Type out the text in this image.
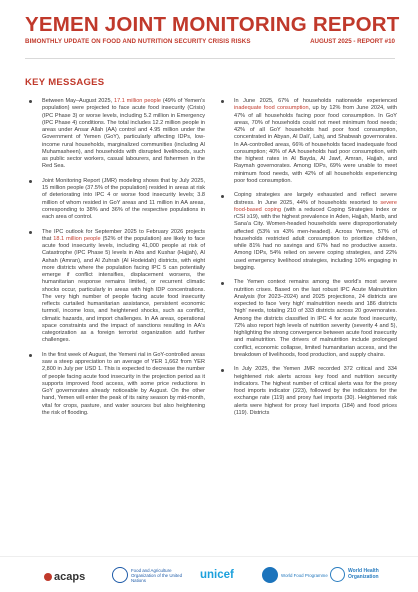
YEMEN JOINT MONITORING REPORT
BIMONTHLY UPDATE ON FOOD AND NUTRITION SECURITY CRISIS RISKS	AUGUST 2025 - REPORT #10
KEY MESSAGES
Between May–August 2025, 17.1 million people (49% of Yemen's population) were projected to face acute food insecurity (Crisis) (IPC Phase 3) or worse levels, including 5.2 million in Emergency (IPC Phase 4) conditions. The total includes 12.2 million people in areas under Ansar Allah (AA) control and 4.95 million under the Government of Yemen (GoY), particularly affecting IDPs, low-income rural households, marginalized communities (including Al Muhamasheen), and households with disrupted livelihoods, such as public sector workers, casual labourers, and fishermen in the Red Sea.
Joint Monitoring Report (JMR) modeling shows that by July 2025, 15 million people (37.5% of the population) resided in areas at risk of deteriorating into IPC 4 or worse food insecurity levels; 3.8 million of whom resided in GoY areas and 11 million in AA areas, corresponding to 38% and 36% of the respective populations in each area of control.
The IPC outlook for September 2025 to February 2026 projects that 18.1 million people (52% of the population) are likely to face acute food insecurity levels, including 41,000 people at risk of Catastrophe (IPC Phase 5) levels in Abs and Kushar (Hajjah), Al Ashah (Amran), and Al Zuhrah (Al Hodeidah) districts, with eight more districts where the population facing IPC 5 can potentially emerge if conflict intensifies, displacement worsens, the humanitarian response remains limited, or recurrent climatic shocks occur, particularly in areas with high IDP concentrations. The very high number of people facing acute food insecurity reflects curtailed humanitarian assistance, persistent economic turmoil, income loss, and heightened shocks, such as conflict, climatic hazards, and import challenges. In AA areas, operational space constraints and the impact of sanctions resulting in AA's categorization as a foreign terrorist organization add further challenges.
In the first week of August, the Yemeni rial in GoY-controlled areas saw a steep appreciation to an average of YER 1,662 from YER 2,800 in July per USD 1. This is expected to decrease the number of people facing acute food insecurity in the projection period as it supports improved food access, with some price reductions in GoY governorates already noticeable by August. On the other hand, Yemen will enter the peak of its rainy season by mid-month, vital for crops, pasture, and water sources but also heightening the risk of flooding.
In June 2025, 67% of households nationwide experienced inadequate food consumption, up by 12% from June 2024, with 47% of all households facing poor food consumption. In GoY areas, 70% of households could not meet minimum food needs; 42% of all GoY households had poor food consumption, concentrated in Abyan, Al Dali', Lahj, and Shabwah governorates. In AA-controlled areas, 66% of households faced inadequate food consumption; 40% of AA households had poor consumption, with the highest rates in Al Bayda, Al Jawf, Amran, Hajjah, and Raymah governorates. Among IDPs, 69% were unable to meet minimum food needs, with 42% of all households experiencing poor food consumption.
Coping strategies are largely exhausted and reflect severe distress. In June 2025, 44% of households resorted to severe food-based coping (with a reduced Coping Strategies Index or rCSI ≥19), with the highest prevalence in Aden, Hajjah, Marib, and Sana'a City. Women-headed households were disproportionately affected (53% vs 43% men-headed). Across Yemen, 57% of households restricted adult consumption to prioritize children, while 81% had no savings and 67% had no productive assets. Among IDPs, 54% relied on severe coping strategies, and 22% used emergency livelihood strategies, including 10% engaging in begging.
The Yemen context remains among the world's most severe nutrition crises. Based on the last robust IPC Acute Malnutrition Analysis (for 2023–2024) and 2025 projections, 24 districts are expected to face 'very high' malnutrition needs and 186 districts 'high' needs, totaling 210 of 333 districts across 20 governorates. Among the districts classified in IPC 4 for acute food insecurity, 72% also report high levels of nutrition severity (severity 4 and 5), highlighting the strong convergence between acute food insecurity and malnutrition. The drivers of malnutrition include prolonged conflict, economic collapse, limited humanitarian access, and the breakdown of livelihoods, food production, and supply chains.
In July 2025, the Yemen JMR recorded 372 critical and 334 heightened risk alerts across key food and nutrition security indicators. The highest number of critical alerts was for the proxy food imports indicator (223), followed by the indicators for the exchange rate (119) and proxy fuel imports (30). Heightened risk alerts were highest for proxy fuel imports (184) and food prices (119). Districts
acaps
Food and Agriculture Organization of the United Nations	unicef	World Food Programme
World Health Organization
